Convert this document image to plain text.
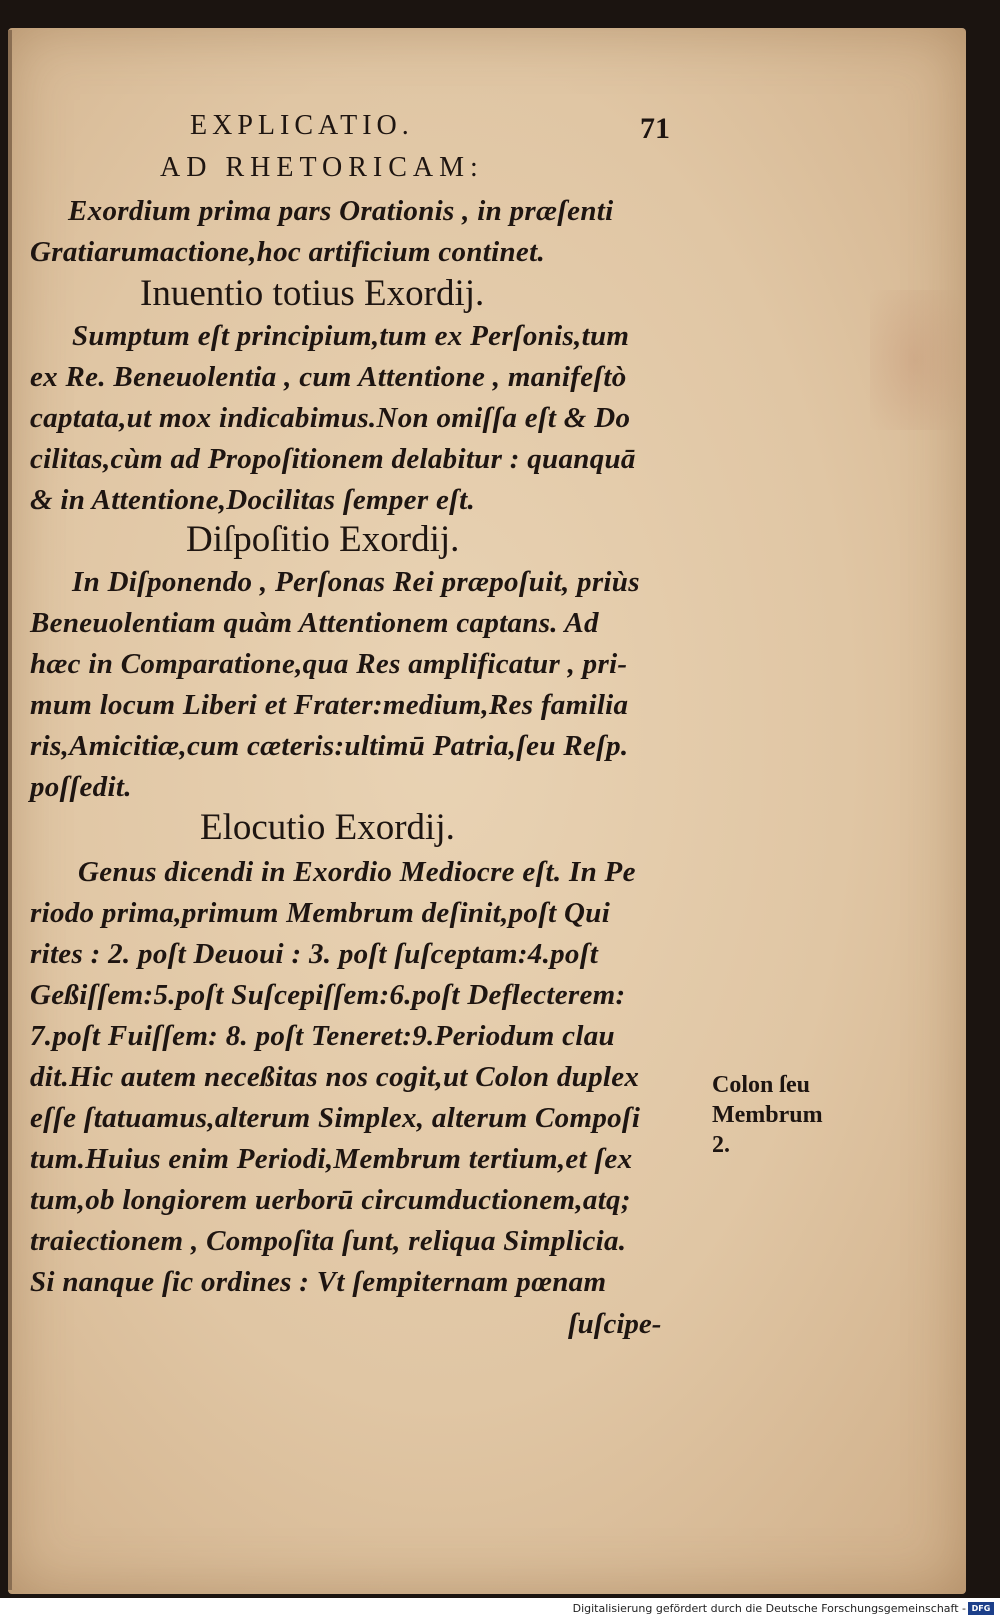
EXPLICATIO.	71
AD RHETORICAM:
Exordium prima pars Orationis , in præſenti
Gratiarumactione,hoc artificium continet.
Inuentio totius Exordij.
Sumptum eſt principium,tum ex Perſonis,tum
ex Re. Beneuolentia , cum Attentione , manifeſtò
captata,ut mox indicabimus.Non omiſſa eſt & Do
cilitas,cùm ad Propoſitionem delabitur : quanquā
& in Attentione,Docilitas ſemper eſt.
Diſpoſitio Exordij.
In Diſponendo , Perſonas Rei præpoſuit, priùs
Beneuolentiam quàm Attentionem captans. Ad
hæc in Comparatione,qua Res amplificatur , pri-
mum locum Liberi et Frater:medium,Res familia
ris,Amicitiæ,cum cæteris:ultimū Patria,ſeu Reſp.
poſſedit.
Elocutio Exordij.
Genus dicendi in Exordio Mediocre eſt. In Pe
riodo prima,primum Membrum deſinit,poſt Qui
rites : 2. poſt Deuoui : 3. poſt ſuſceptam:4.poſt
Geßiſſem:5.poſt Suſcepiſſem:6.poſt Deflecterem:
7.poſt Fuiſſem: 8. poſt Teneret:9.Periodum clau
dit.Hic autem neceßitas nos cogit,ut Colon duplex
eſſe ſtatuamus,alterum Simplex, alterum Compoſi
tum.Huius enim Periodi,Membrum tertium,et ſex
tum,ob longiorem uerborū circumductionem,atq;
traiectionem , Compoſita ſunt, reliqua Simplicia.
Si nanque ſic ordines : Vt ſempiternam pœnam
ſuſcipe-
Colon ſeu
Membrum
2.
Digitalisierung gefördert durch die Deutsche Forschungsgemeinschaft - DFG
